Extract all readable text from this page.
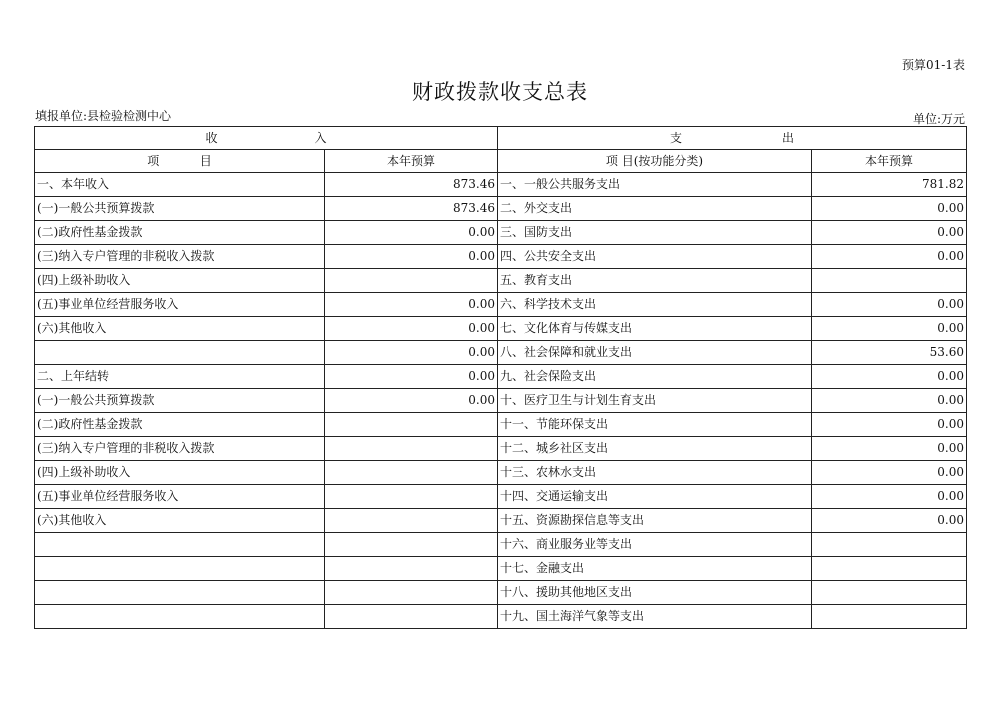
预算01-1表
财政拨款收支总表
填报单位:县检验检测中心	单位:万元
收 入		支 出	

项 目	本年预算	项 目(按功能分类)	本年预算
一、本年收入	873.46	一、一般公共服务支出	781.82
(一)一般公共预算拨款	873.46	二、外交支出	0.00
(二)政府性基金拨款	0.00	三、国防支出	0.00
(三)纳入专户管理的非税收入拨款	0.00	四、公共安全支出	0.00
(四)上级补助收入		五、教育支出	
(五)事业单位经营服务收入	0.00	六、科学技术支出	0.00
(六)其他收入	0.00	七、文化体育与传媒支出	0.00
	0.00	八、社会保障和就业支出	53.60
二、上年结转	0.00	九、社会保险支出	0.00
(一)一般公共预算拨款	0.00	十、医疗卫生与计划生育支出	0.00
(二)政府性基金拨款		十一、节能环保支出	0.00
(三)纳入专户管理的非税收入拨款		十二、城乡社区支出	0.00
(四)上级补助收入		十三、农林水支出	0.00
(五)事业单位经营服务收入		十四、交通运输支出	0.00
(六)其他收入		十五、资源勘探信息等支出	0.00
		十六、商业服务业等支出	
		十七、金融支出	
		十八、援助其他地区支出	
		十九、国土海洋气象等支出	
